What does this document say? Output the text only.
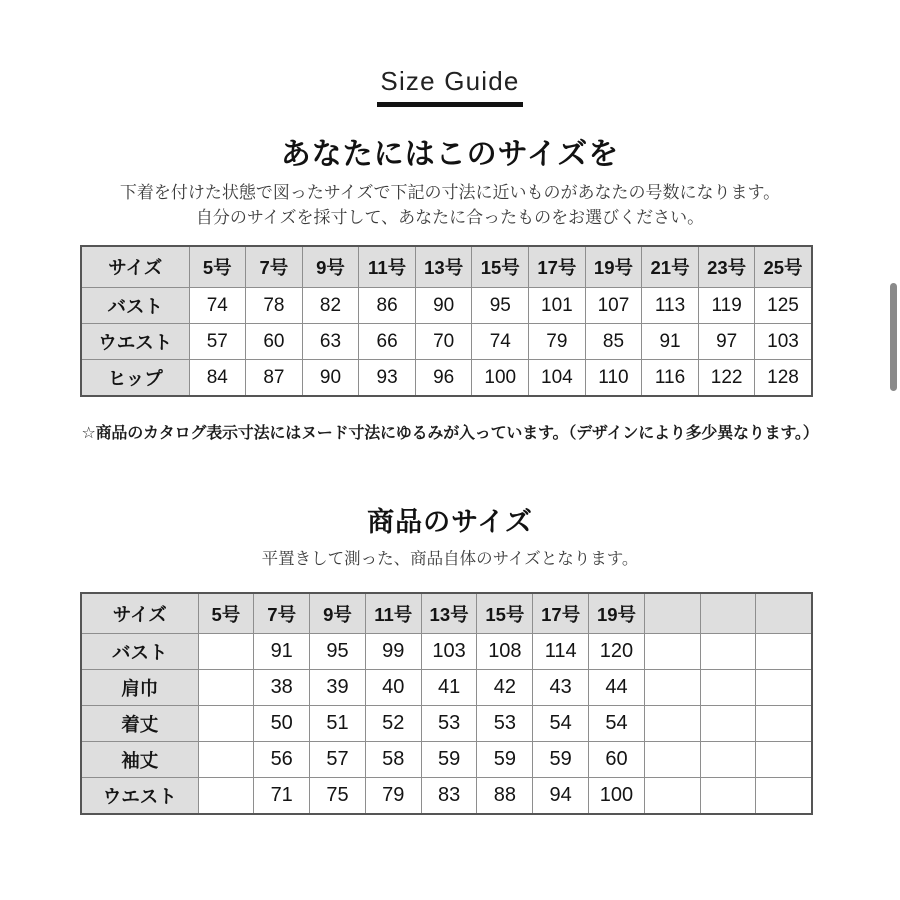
Size Guide
あなたにはこのサイズを
下着を付けた状態で図ったサイズで下記の寸法に近いものがあなたの号数になります。
自分のサイズを採寸して、あなたに合ったものをお選びください。
サイズ	5号	7号	9号	11号	13号	15号	17号	19号	21号	23号	25号
バスト	74	78	82	86	90	95	101	107	113	119	125
ウエスト	57	60	63	66	70	74	79	85	91	97	103
ヒップ	84	87	90	93	96	100	104	110	116	122	128
☆商品のカタログ表示寸法にはヌード寸法にゆるみが入っています。（デザインにより多少異なります。）
商品のサイズ
平置きして測った、商品自体のサイズとなります。
サイズ	5号	7号	9号	11号	13号	15号	17号	19号			
バスト		91	95	99	103	108	114	120			
肩巾		38	39	40	41	42	43	44			
着丈		50	51	52	53	53	54	54			
袖丈		56	57	58	59	59	59	60			
ウエスト		71	75	79	83	88	94	100			
